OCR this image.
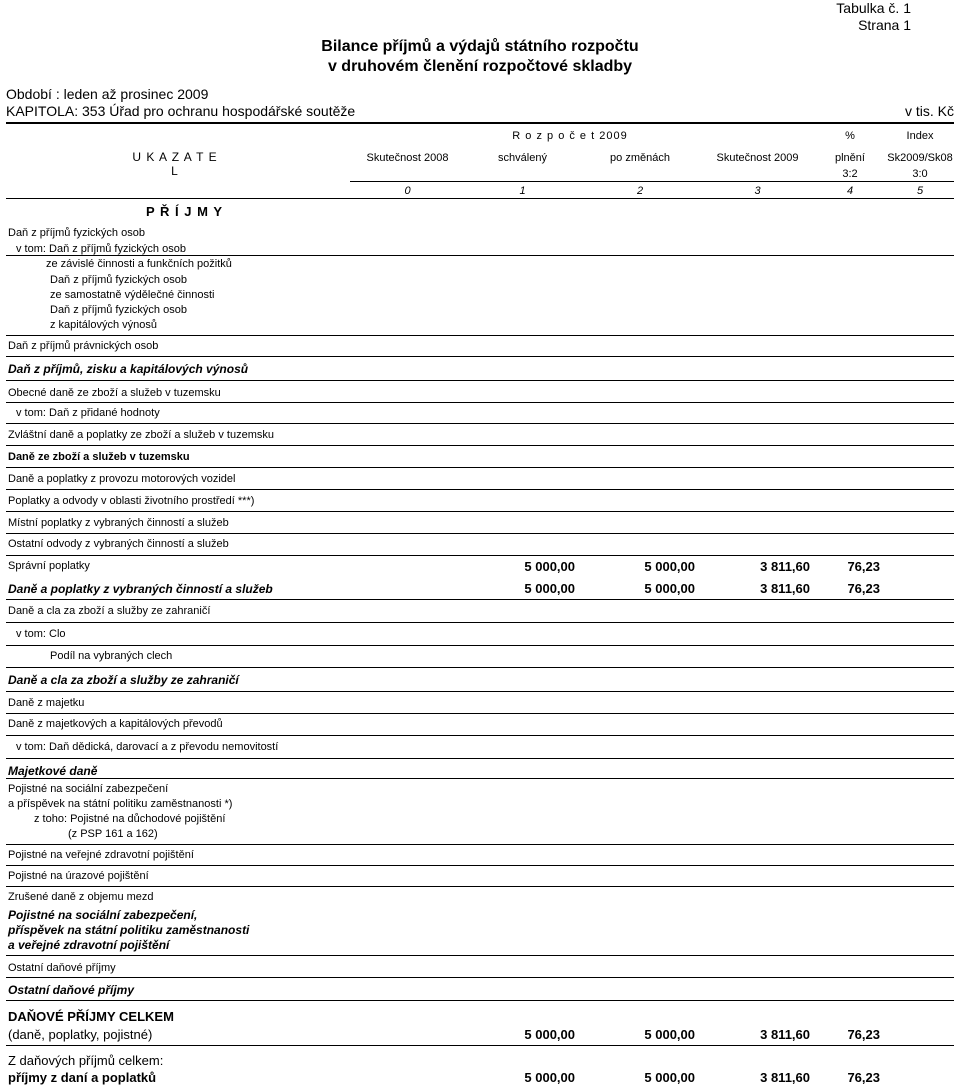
Tabulka č. 1
Strana 1
Bilance příjmů a výdajů státního rozpočtu
v druhovém členění rozpočtové skladby
Období : leden až prosinec 2009
KAPITOLA: 353 Úřad pro ochranu hospodářské soutěže	v tis. Kč
U K A Z A T E L
R o z p o č e t 2009
Skutečnost 2008	schválený	po změnách	Skutečnost 2009
%
plnění
3:2
Index
Sk2009/Sk08
3:0
0	1	2	3	4	5
P Ř Í J M Y
Daň z příjmů fyzických osob
v tom: Daň z příjmů fyzických osob
ze závislé činnosti a funkčních požitků
Daň z příjmů fyzických osob
ze samostatně výdělečné činnosti
Daň z příjmů fyzických osob
z kapitálových výnosů
Daň z příjmů právnických osob
Daň z příjmů, zisku a kapitálových výnosů
Obecné daně ze zboží a služeb v tuzemsku
v tom: Daň z přidané hodnoty
Zvláštní daně a poplatky ze zboží a služeb v tuzemsku
Daně ze zboží a služeb v tuzemsku
Daně a poplatky z provozu motorových vozidel
Poplatky a odvody v oblasti životního prostředí ***)
Místní poplatky z vybraných činností a služeb
Ostatní odvody z vybraných činností a služeb
Správní poplatky	5 000,00	5 000,00	3 811,60	76,23
Daně a poplatky z vybraných činností a služeb	5 000,00	5 000,00	3 811,60	76,23
Daně a cla za zboží a služby ze zahraničí
v tom: Clo
Podíl na vybraných clech
Daně a cla za zboží a služby ze zahraničí
Daně z majetku
Daně z majetkových a kapitálových převodů
v tom: Daň dědická, darovací a z převodu nemovitostí
Majetkové daně
Pojistné na sociální zabezpečení
a příspěvek na státní politiku zaměstnanosti *)
z toho: Pojistné na důchodové pojištění
(z PSP 161 a 162)
Pojistné na veřejné zdravotní pojištění
Pojistné na úrazové pojištění
Zrušené daně z objemu mezd
Pojistné na sociální zabezpečení,
příspěvek na státní politiku zaměstnanosti
a veřejné zdravotní pojištění
Ostatní daňové příjmy
Ostatní daňové příjmy
DAŇOVÉ PŘÍJMY CELKEM
(daně, poplatky, pojistné)	5 000,00	5 000,00	3 811,60	76,23
Z daňových příjmů celkem:
příjmy z daní a poplatků	5 000,00	5 000,00	3 811,60	76,23
